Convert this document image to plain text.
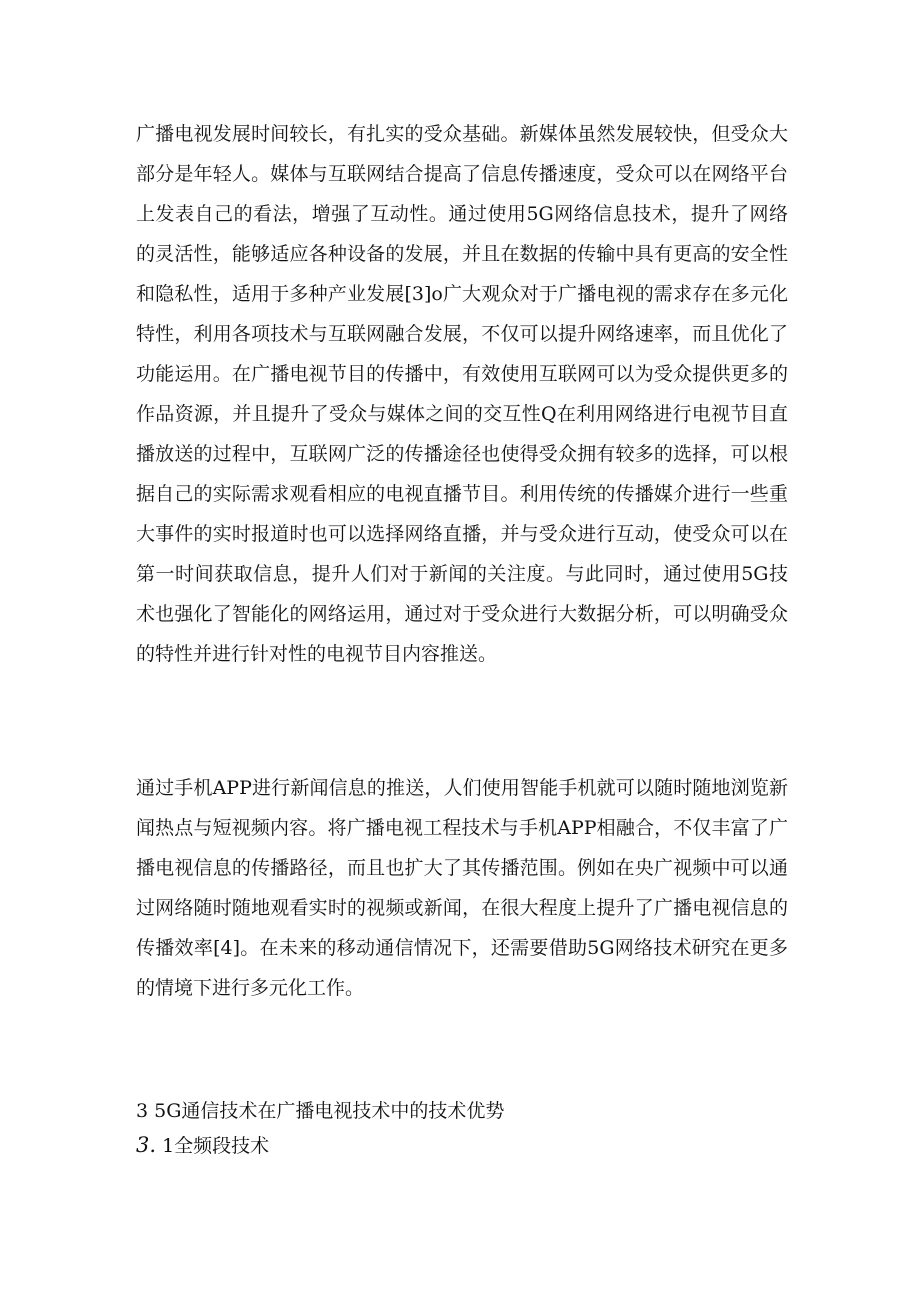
广播电视发展时间较长，有扎实的受众基础。新媒体虽然发展较快，但受众大部分是年轻人。媒体与互联网结合提高了信息传播速度，受众可以在网络平台上发表自己的看法，增强了互动性。通过使用5G网络信息技术，提升了网络的灵活性，能够适应各种设备的发展，并且在数据的传输中具有更高的安全性和隐私性，适用于多种产业发展[3]o广大观众对于广播电视的需求存在多元化特性，利用各项技术与互联网融合发展，不仅可以提升网络速率，而且优化了功能运用。在广播电视节目的传播中，有效使用互联网可以为受众提供更多的作品资源，并且提升了受众与媒体之间的交互性Q在利用网络进行电视节目直播放送的过程中，互联网广泛的传播途径也使得受众拥有较多的选择，可以根据自己的实际需求观看相应的电视直播节目。利用传统的传播媒介进行一些重大事件的实时报道时也可以选择网络直播，并与受众进行互动，使受众可以在第一时间获取信息，提升人们对于新闻的关注度。与此同时，通过使用5G技术也强化了智能化的网络运用，通过对于受众进行大数据分析，可以明确受众的特性并进行针对性的电视节目内容推送。

通过手机APP进行新闻信息的推送，人们使用智能手机就可以随时随地浏览新闻热点与短视频内容。将广播电视工程技术与手机APP相融合，不仅丰富了广播电视信息的传播路径，而且也扩大了其传播范围。例如在央广视频中可以通过网络随时随地观看实时的视频或新闻，在很大程度上提升了广播电视信息的传播效率[4]。在未来的移动通信情况下，还需要借助5G网络技术研究在更多的情境下进行多元化工作。

3 5G通信技术在广播电视技术中的技术优势
3. 1全频段技术
